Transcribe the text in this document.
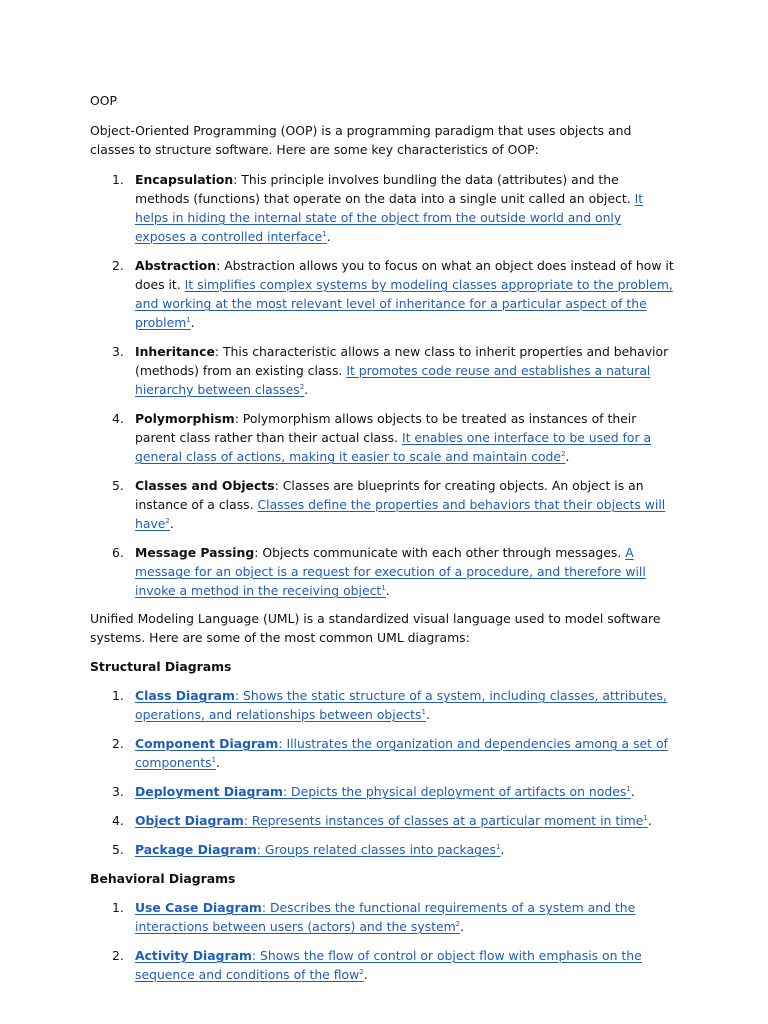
OOP

Object-Oriented Programming (OOP) is a programming paradigm that uses objects and classes to structure software. Here are some key characteristics of OOP:

1. Encapsulation: This principle involves bundling the data (attributes) and the methods (functions) that operate on the data into a single unit called an object. It helps in hiding the internal state of the object from the outside world and only exposes a controlled interface$^1$.
2. Abstraction: Abstraction allows you to focus on what an object does instead of how it does it. It simplifies complex systems by modeling classes appropriate to the problem, and working at the most relevant level of inheritance for a particular aspect of the problem$^1$.
3. Inheritance: This characteristic allows a new class to inherit properties and behavior (methods) from an existing class. It promotes code reuse and establishes a natural hierarchy between classes$^2$.
4. Polymorphism: Polymorphism allows objects to be treated as instances of their parent class rather than their actual class. It enables one interface to be used for a general class of actions, making it easier to scale and maintain code$^2$.
5. Classes and Objects: Classes are blueprints for creating objects. An object is an instance of a class. Classes define the properties and behaviors that their objects will have$^2$.
6. Message Passing: Objects communicate with each other through messages. A message for an object is a request for execution of a procedure, and therefore will invoke a method in the receiving object$^1$.

Unified Modeling Language (UML) is a standardized visual language used to model software systems. Here are some of the most common UML diagrams:

Structural Diagrams

1. Class Diagram: Shows the static structure of a system, including classes, attributes, operations, and relationships between objects$^1$.
2. Component Diagram: Illustrates the organization and dependencies among a set of components$^1$.
3. Deployment Diagram: Depicts the physical deployment of artifacts on nodes$^1$.
4. Object Diagram: Represents instances of classes at a particular moment in time$^1$.
5. Package Diagram: Groups related classes into packages$^1$.

Behavioral Diagrams

1. Use Case Diagram: Describes the functional requirements of a system and the interactions between users (actors) and the system$^2$.
2. Activity Diagram: Shows the flow of control or object flow with emphasis on the sequence and conditions of the flow$^2$.
